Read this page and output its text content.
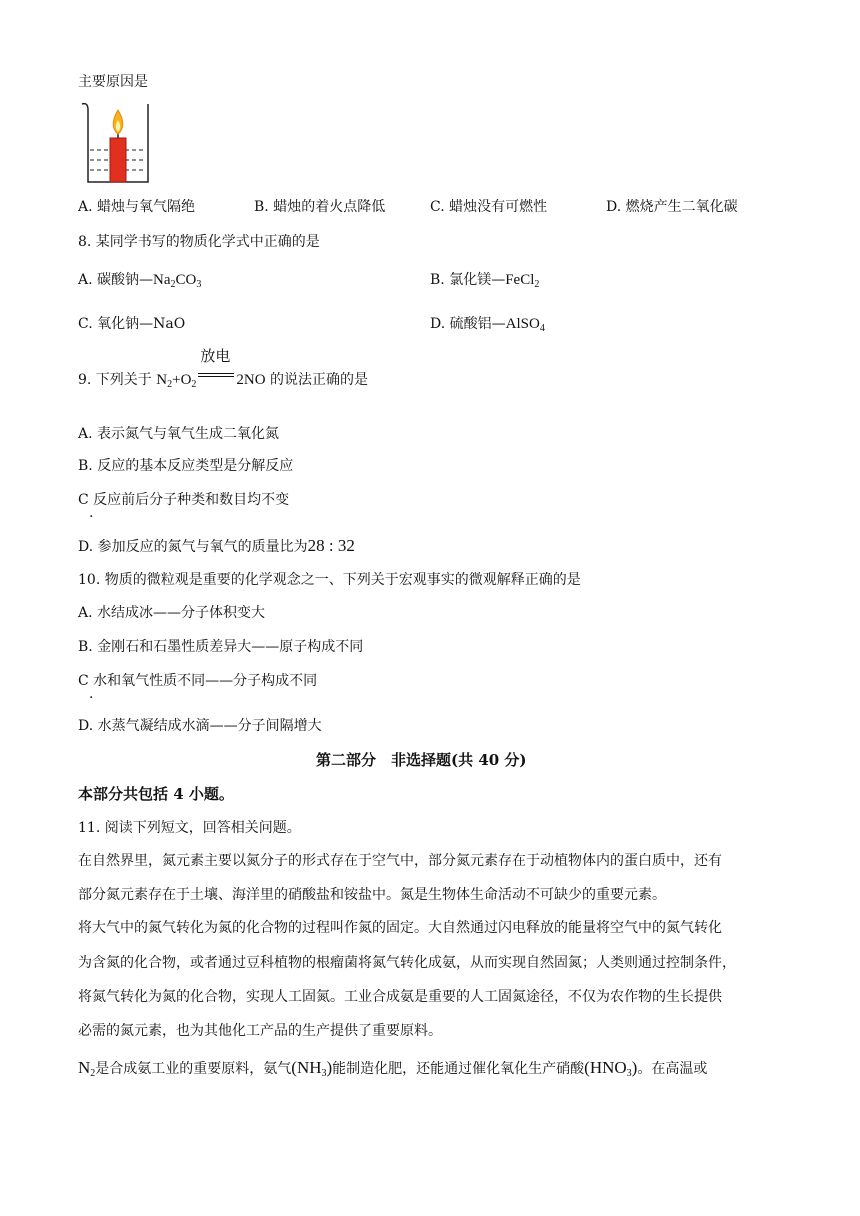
主要原因是
A. 蜡烛与氧气隔绝	B. 蜡烛的着火点降低	C. 蜡烛没有可燃性	D. 燃烧产生二氧化碳
8. 某同学书写的物质化学式中正确的是
A. 碳酸钠$—Na_2CO_3$	B. 氯化镁—FeCl$_2$
C. 氧化钠—NaO	D. 硫酸铝—AlSO$_4$
9. 下列关于 $N_2+O_2$
放电
2NO 的说法正确的是
A. 表示氮气与氧气生成二氧化氮
B. 反应的基本反应类型是分解反应
C 反应前后分子种类和数目均不变
.
D. 参加反应的氮气与氧气的质量比为28 : 32
10. 物质的微粒观是重要的化学观念之一、下列关于宏观事实的微观解释正确的是
A. 水结成冰——分子体积变大
B. 金刚石和石墨性质差异大——原子构成不同
C 水和氧气性质不同——分子构成不同
.
D. 水蒸气凝结成水滴——分子间隔增大
第二部分　非选择题(共 40 分)
本部分共包括 4 小题。
11. 阅读下列短文，回答相关问题。
在自然界里，氮元素主要以氮分子的形式存在于空气中，部分氮元素存在于动植物体内的蛋白质中，还有
部分氮元素存在于土壤、海洋里的硝酸盐和铵盐中。氮是生物体生命活动不可缺少的重要元素。
将大气中的氮气转化为氮的化合物的过程叫作氮的固定。大自然通过闪电释放的能量将空气中的氮气转化
为含氮的化合物，或者通过豆科植物的根瘤菌将氮气转化成氨，从而实现自然固氮；人类则通过控制条件，
将氮气转化为氮的化合物，实现人工固氮。工业合成氨是重要的人工固氮途径，不仅为农作物的生长提供
必需的氮元素，也为其他化工产品的生产提供了重要原料。
$N_2$是合成氨工业的重要原料，氨气$(NH_3)$能制造化肥，还能通过催化氧化生产硝酸$(HNO_3)$。在高温或
